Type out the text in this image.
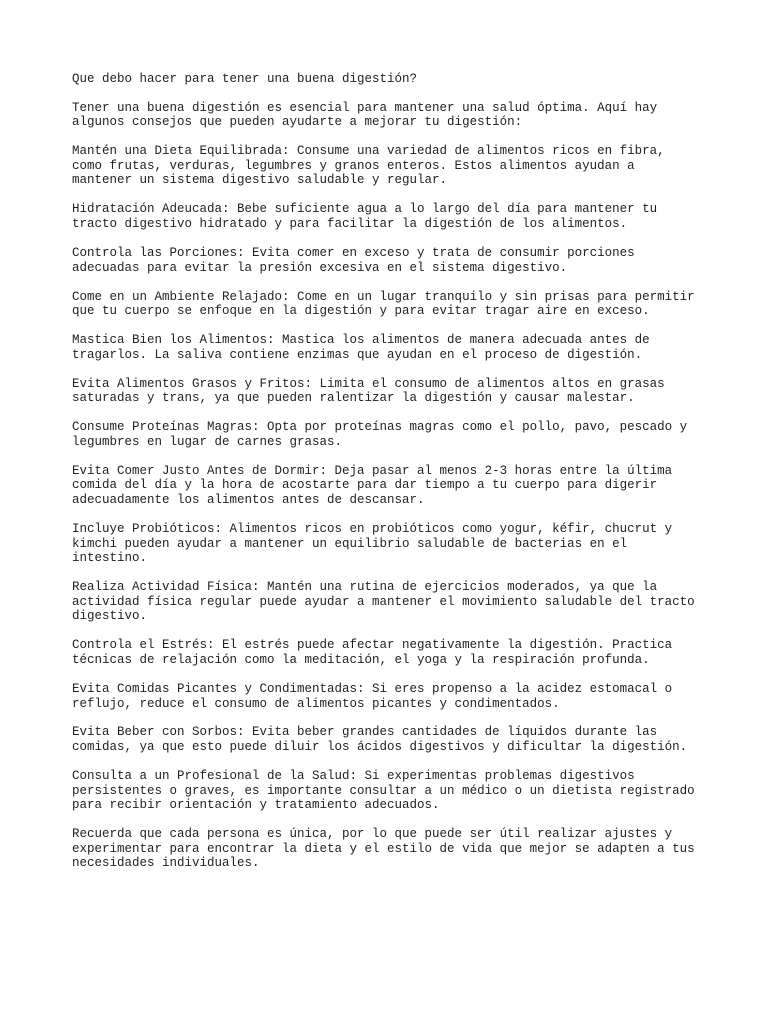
Que debo hacer para tener una buena digestión?

Tener una buena digestión es esencial para mantener una salud óptima. Aquí hay
algunos consejos que pueden ayudarte a mejorar tu digestión:

Mantén una Dieta Equilibrada: Consume una variedad de alimentos ricos en fibra,
como frutas, verduras, legumbres y granos enteros. Estos alimentos ayudan a
mantener un sistema digestivo saludable y regular.

Hidratación Adeucada: Bebe suficiente agua a lo largo del día para mantener tu
tracto digestivo hidratado y para facilitar la digestión de los alimentos.

Controla las Porciones: Evita comer en exceso y trata de consumir porciones
adecuadas para evitar la presión excesiva en el sistema digestivo.

Come en un Ambiente Relajado: Come en un lugar tranquilo y sin prisas para permitir
que tu cuerpo se enfoque en la digestión y para evitar tragar aire en exceso.

Mastica Bien los Alimentos: Mastica los alimentos de manera adecuada antes de
tragarlos. La saliva contiene enzimas que ayudan en el proceso de digestión.

Evita Alimentos Grasos y Fritos: Limita el consumo de alimentos altos en grasas
saturadas y trans, ya que pueden ralentizar la digestión y causar malestar.

Consume Proteínas Magras: Opta por proteínas magras como el pollo, pavo, pescado y
legumbres en lugar de carnes grasas.

Evita Comer Justo Antes de Dormir: Deja pasar al menos 2-3 horas entre la última
comida del día y la hora de acostarte para dar tiempo a tu cuerpo para digerir
adecuadamente los alimentos antes de descansar.

Incluye Probióticos: Alimentos ricos en probióticos como yogur, kéfir, chucrut y
kimchi pueden ayudar a mantener un equilibrio saludable de bacterias en el
intestino.

Realiza Actividad Física: Mantén una rutina de ejercicios moderados, ya que la
actividad física regular puede ayudar a mantener el movimiento saludable del tracto
digestivo.

Controla el Estrés: El estrés puede afectar negativamente la digestión. Practica
técnicas de relajación como la meditación, el yoga y la respiración profunda.

Evita Comidas Picantes y Condimentadas: Si eres propenso a la acidez estomacal o
reflujo, reduce el consumo de alimentos picantes y condimentados.

Evita Beber con Sorbos: Evita beber grandes cantidades de líquidos durante las
comidas, ya que esto puede diluir los ácidos digestivos y dificultar la digestión.

Consulta a un Profesional de la Salud: Si experimentas problemas digestivos
persistentes o graves, es importante consultar a un médico o un dietista registrado
para recibir orientación y tratamiento adecuados.

Recuerda que cada persona es única, por lo que puede ser útil realizar ajustes y
experimentar para encontrar la dieta y el estilo de vida que mejor se adapten a tus
necesidades individuales.
